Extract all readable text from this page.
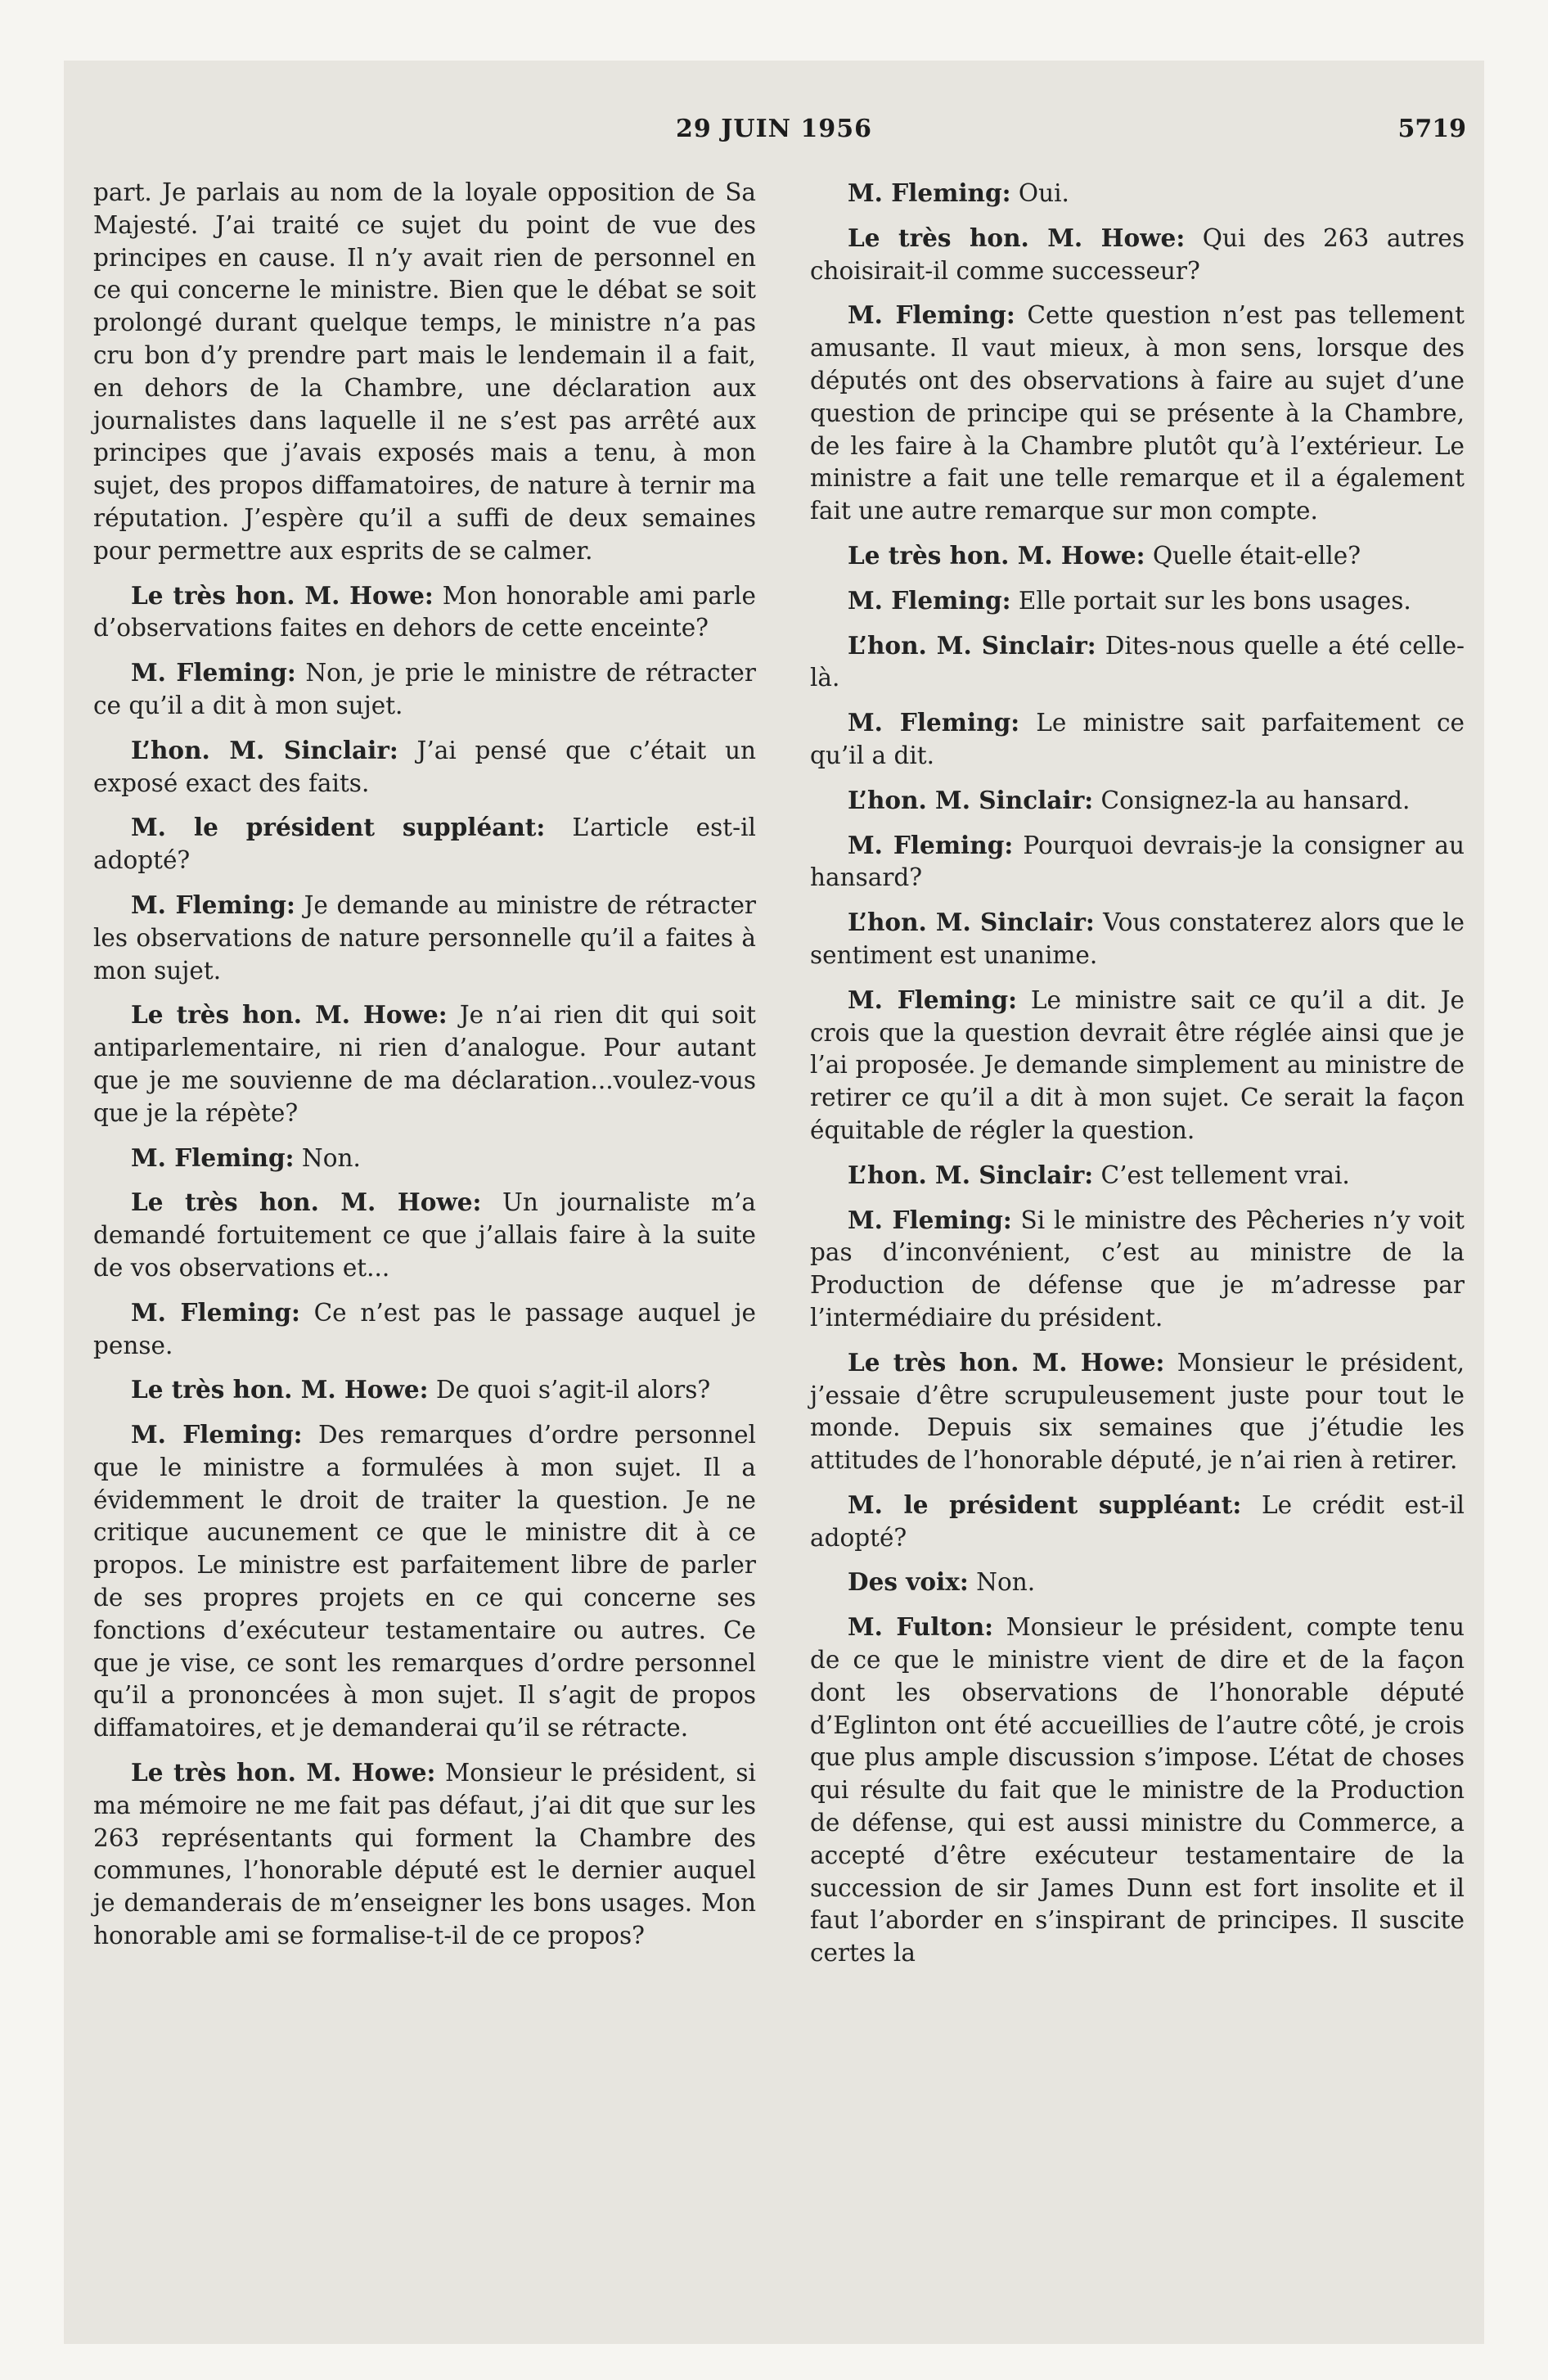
29 JUIN 1956	5719

part. Je parlais au nom de la loyale opposition de Sa Majesté. J’ai traité ce sujet du point de vue des principes en cause. Il n’y avait rien de personnel en ce qui concerne le ministre. Bien que le débat se soit prolongé durant quelque temps, le ministre n’a pas cru bon d’y prendre part mais le lendemain il a fait, en dehors de la Chambre, une déclaration aux journalistes dans laquelle il ne s’est pas arrêté aux principes que j’avais exposés mais a tenu, à mon sujet, des propos diffamatoires, de nature à ternir ma réputation. J’espère qu’il a suffi de deux semaines pour permettre aux esprits de se calmer.

Le très hon. M. Howe: Mon honorable ami parle d’observations faites en dehors de cette enceinte?

M. Fleming: Non, je prie le ministre de rétracter ce qu’il a dit à mon sujet.

L’hon. M. Sinclair: J’ai pensé que c’était un exposé exact des faits.

M. le président suppléant: L’article est-il adopté?

M. Fleming: Je demande au ministre de rétracter les observations de nature personnelle qu’il a faites à mon sujet.

Le très hon. M. Howe: Je n’ai rien dit qui soit antiparlementaire, ni rien d’analogue. Pour autant que je me souvienne de ma déclaration...voulez-vous que je la répète?

M. Fleming: Non.

Le très hon. M. Howe: Un journaliste m’a demandé fortuitement ce que j’allais faire à la suite de vos observations et...

M. Fleming: Ce n’est pas le passage auquel je pense.

Le très hon. M. Howe: De quoi s’agit-il alors?

M. Fleming: Des remarques d’ordre personnel que le ministre a formulées à mon sujet. Il a évidemment le droit de traiter la question. Je ne critique aucunement ce que le ministre dit à ce propos. Le ministre est parfaitement libre de parler de ses propres projets en ce qui concerne ses fonctions d’exécuteur testamentaire ou autres. Ce que je vise, ce sont les remarques d’ordre personnel qu’il a prononcées à mon sujet. Il s’agit de propos diffamatoires, et je demanderai qu’il se rétracte.

Le très hon. M. Howe: Monsieur le président, si ma mémoire ne me fait pas défaut, j’ai dit que sur les 263 représentants qui forment la Chambre des communes, l’honorable député est le dernier auquel je demanderais de m’enseigner les bons usages. Mon honorable ami se formalise-t-il de ce propos?

M. Fleming: Oui.

Le très hon. M. Howe: Qui des 263 autres choisirait-il comme successeur?

M. Fleming: Cette question n’est pas tellement amusante. Il vaut mieux, à mon sens, lorsque des députés ont des observations à faire au sujet d’une question de principe qui se présente à la Chambre, de les faire à la Chambre plutôt qu’à l’extérieur. Le ministre a fait une telle remarque et il a également fait une autre remarque sur mon compte.

Le très hon. M. Howe: Quelle était-elle?

M. Fleming: Elle portait sur les bons usages.

L’hon. M. Sinclair: Dites-nous quelle a été celle-là.

M. Fleming: Le ministre sait parfaitement ce qu’il a dit.

L’hon. M. Sinclair: Consignez-la au hansard.

M. Fleming: Pourquoi devrais-je la consigner au hansard?

L’hon. M. Sinclair: Vous constaterez alors que le sentiment est unanime.

M. Fleming: Le ministre sait ce qu’il a dit. Je crois que la question devrait être réglée ainsi que je l’ai proposée. Je demande simplement au ministre de retirer ce qu’il a dit à mon sujet. Ce serait la façon équitable de régler la question.

L’hon. M. Sinclair: C’est tellement vrai.

M. Fleming: Si le ministre des Pêcheries n’y voit pas d’inconvénient, c’est au ministre de la Production de défense que je m’adresse par l’intermédiaire du président.

Le très hon. M. Howe: Monsieur le président, j’essaie d’être scrupuleusement juste pour tout le monde. Depuis six semaines que j’étudie les attitudes de l’honorable député, je n’ai rien à retirer.

M. le président suppléant: Le crédit est-il adopté?

Des voix: Non.

M. Fulton: Monsieur le président, compte tenu de ce que le ministre vient de dire et de la façon dont les observations de l’honorable député d’Eglinton ont été accueillies de l’autre côté, je crois que plus ample discussion s’impose. L’état de choses qui résulte du fait que le ministre de la Production de défense, qui est aussi ministre du Commerce, a accepté d’être exécuteur testamentaire de la succession de sir James Dunn est fort insolite et il faut l’aborder en s’inspirant de principes. Il suscite certes la
